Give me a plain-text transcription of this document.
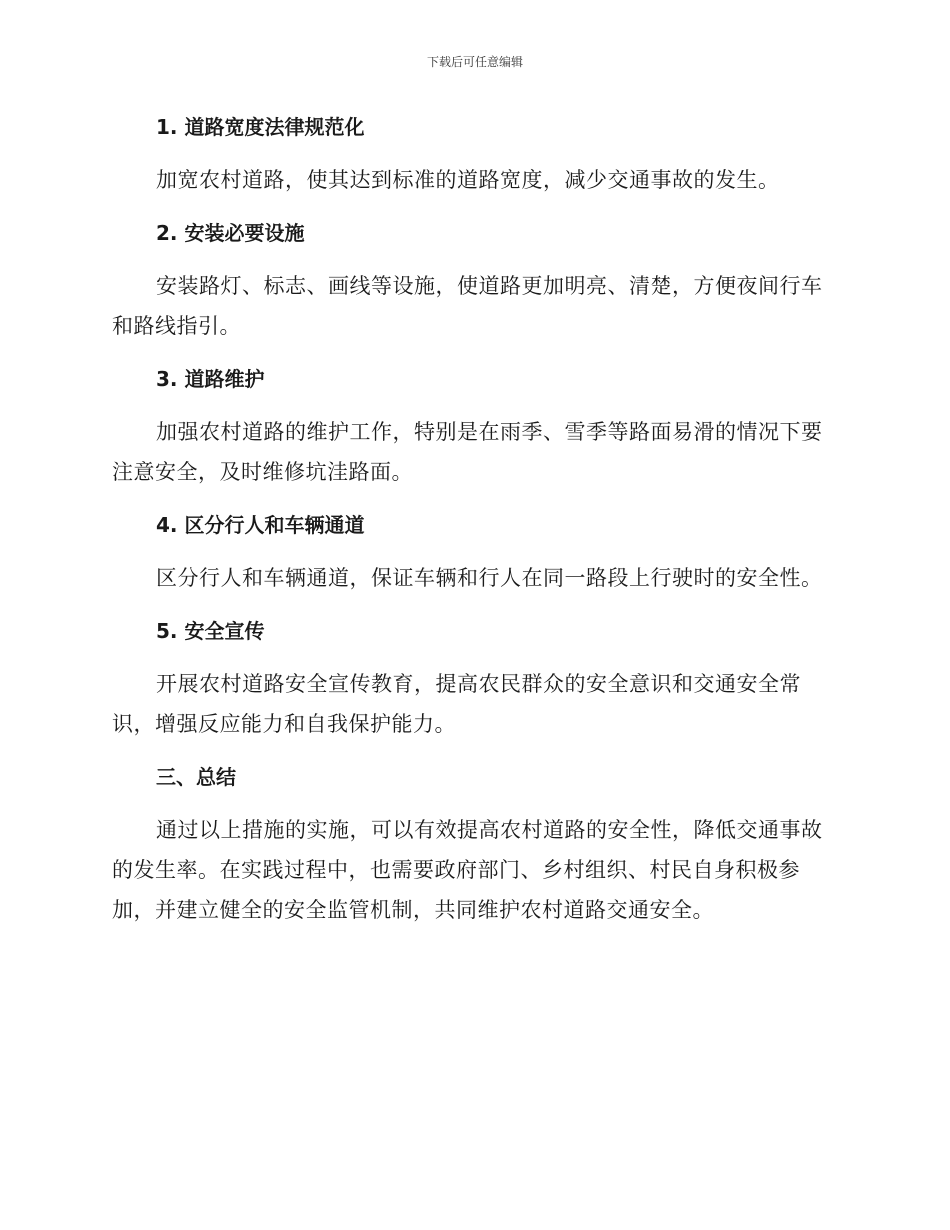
下载后可任意编辑
1. 道路宽度法律规范化

加宽农村道路，使其达到标准的道路宽度，减少交通事故的发生。

2. 安装必要设施

安装路灯、标志、画线等设施，使道路更加明亮、清楚，方便夜间行车和路线指引。

3. 道路维护

加强农村道路的维护工作，特别是在雨季、雪季等路面易滑的情况下要注意安全，及时维修坑洼路面。

4. 区分行人和车辆通道

区分行人和车辆通道，保证车辆和行人在同一路段上行驶时的安全性。

5. 安全宣传

开展农村道路安全宣传教育，提高农民群众的安全意识和交通安全常识，增强反应能力和自我保护能力。

三、总结

通过以上措施的实施，可以有效提高农村道路的安全性，降低交通事故的发生率。在实践过程中，也需要政府部门、乡村组织、村民自身积极参加，并建立健全的安全监管机制，共同维护农村道路交通安全。
